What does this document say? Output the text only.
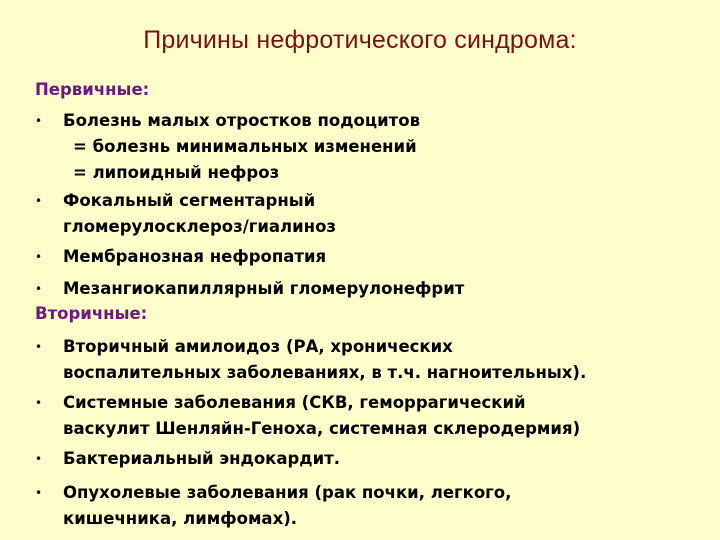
Причины нефротического синдрома:
Первичные:
• Болезнь малых отростков подоцитов
= болезнь минимальных изменений
= липоидный нефроз
• Фокальный сегментарный
гломерулосклероз/гиалиноз
• Мембранозная нефропатия
• Мезангиокапиллярный гломерулонефрит
Вторичные:
• Вторичный амилоидоз (РА, хронических
воспалительных заболеваниях, в т.ч. нагноительных).
• Системные заболевания (СКВ, геморрагический
васкулит Шенляйн-Геноха, системная склеродермия)
• Бактериальный эндокардит.
• Опухолевые заболевания (рак почки, легкого,
кишечника, лимфомах).
